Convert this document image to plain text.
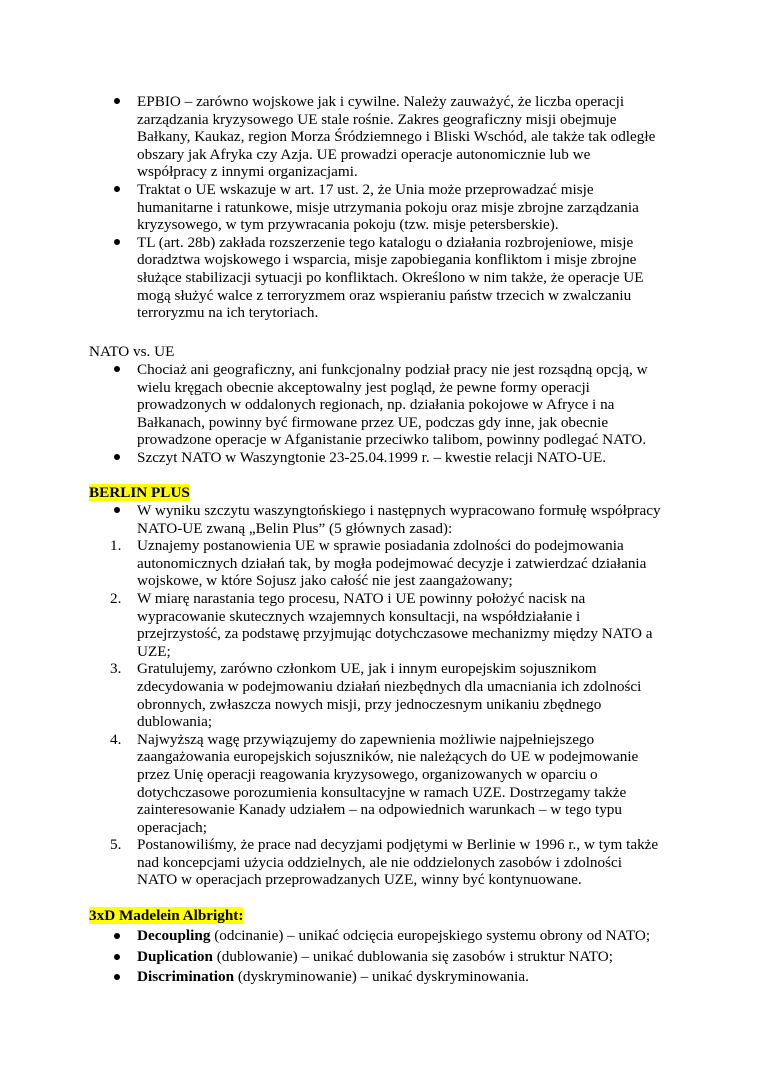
EPBIO – zarówno wojskowe jak i cywilne. Należy zauważyć, że liczba operacji zarządzania kryzysowego UE stale rośnie. Zakres geograficzny misji obejmuje Bałkany, Kaukaz, region Morza Śródziemnego i Bliski Wschód, ale także tak odległe obszary jak Afryka czy Azja. UE prowadzi operacje autonomicznie lub we współpracy z innymi organizacjami.
Traktat o UE wskazuje w art. 17 ust. 2, że Unia może przeprowadzać misje humanitarne i ratunkowe, misje utrzymania pokoju oraz misje zbrojne zarządzania kryzysowego, w tym przywracania pokoju (tzw. misje petersberskie).
TL (art. 28b) zakłada rozszerzenie tego katalogu o działania rozbrojeniowe, misje doradztwa wojskowego i wsparcia, misje zapobiegania konfliktom i misje zbrojne służące stabilizacji sytuacji po konfliktach. Określono w nim także, że operacje UE mogą służyć walce z terroryzmem oraz wspieraniu państw trzecich w zwalczaniu terroryzmu na ich terytoriach.
NATO vs. UE
Chociaż ani geograficzny, ani funkcjonalny podział pracy nie jest rozsądną opcją, w wielu kręgach obecnie akceptowalny jest pogląd, że pewne formy operacji prowadzonych w oddalonych regionach, np. działania pokojowe w Afryce i na Bałkanach, powinny być firmowane przez UE, podczas gdy inne, jak obecnie prowadzone operacje w Afganistanie przeciwko talibom, powinny podlegać NATO.
Szczyt NATO w Waszyngtonie 23-25.04.1999 r. – kwestie relacji NATO-UE.
BERLIN PLUS
W wyniku szczytu waszyngtońskiego i następnych wypracowano formułę współpracy NATO-UE zwaną „Belin Plus” (5 głównych zasad):
1.	Uznajemy postanowienia UE w sprawie posiadania zdolności do podejmowania autonomicznych działań tak, by mogła podejmować decyzje i zatwierdzać działania wojskowe, w które Sojusz jako całość nie jest zaangażowany;
2.	W miarę narastania tego procesu, NATO i UE powinny położyć nacisk na wypracowanie skutecznych wzajemnych konsultacji, na współdziałanie i przejrzystość, za podstawę przyjmując dotychczasowe mechanizmy między NATO a UZE;
3.	Gratulujemy, zarówno członkom UE, jak i innym europejskim sojusznikom zdecydowania w podejmowaniu działań niezbędnych dla umacniania ich zdolności obronnych, zwłaszcza nowych misji, przy jednoczesnym unikaniu zbędnego dublowania;
4.	Najwyższą wagę przywiązujemy do zapewnienia możliwie najpełniejszego zaangażowania europejskich sojuszników, nie należących do UE w podejmowanie przez Unię operacji reagowania kryzysowego, organizowanych w oparciu o dotychczasowe porozumienia konsultacyjne w ramach UZE. Dostrzegamy także zainteresowanie Kanady udziałem – na odpowiednich warunkach – w tego typu operacjach;
5.	Postanowiliśmy, że prace nad decyzjami podjętymi w Berlinie w 1996 r., w tym także nad koncepcjami użycia oddzielnych, ale nie oddzielonych zasobów i zdolności NATO w operacjach przeprowadzanych UZE, winny być kontynuowane.
3xD Madelein Albright:
Decoupling (odcinanie) – unikać odcięcia europejskiego systemu obrony od NATO;
Duplication (dublowanie) – unikać dublowania się zasobów i struktur NATO;
Discrimination (dyskryminowanie) – unikać dyskryminowania.
